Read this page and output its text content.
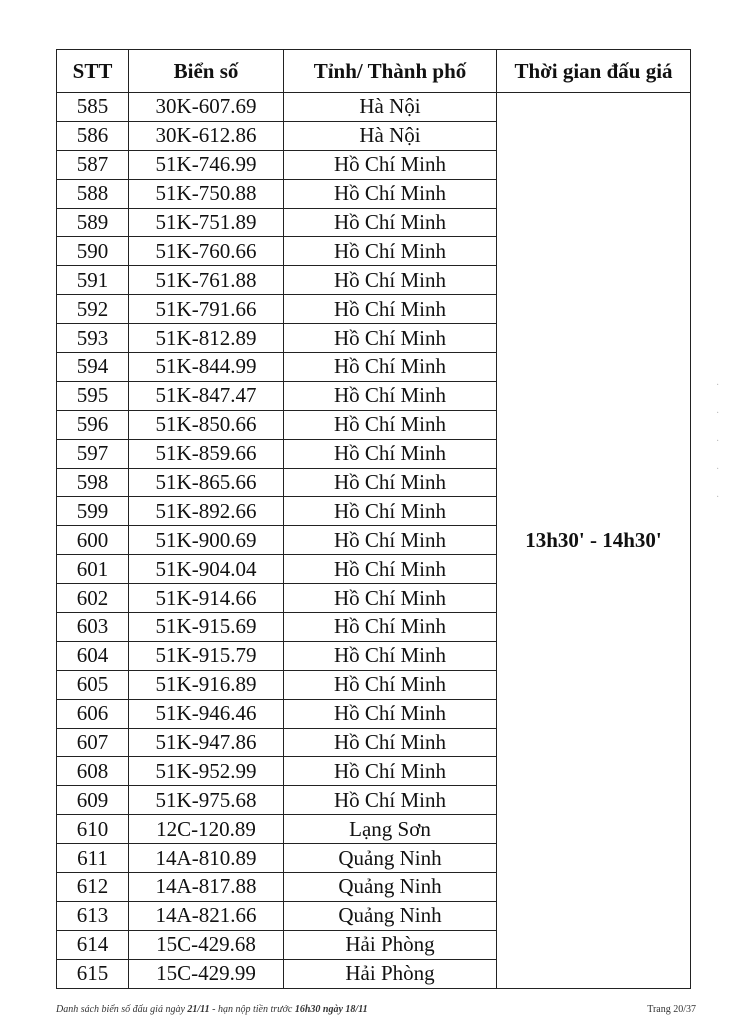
STT	Biển số	Tỉnh/ Thành phố	Thời gian đấu giá
585	30K-607.69	Hà Nội	13h30' - 14h30'
586	30K-612.86	Hà Nội	
587	51K-746.99	Hồ Chí Minh	
588	51K-750.88	Hồ Chí Minh	
589	51K-751.89	Hồ Chí Minh	
590	51K-760.66	Hồ Chí Minh	
591	51K-761.88	Hồ Chí Minh	
592	51K-791.66	Hồ Chí Minh	
593	51K-812.89	Hồ Chí Minh	
594	51K-844.99	Hồ Chí Minh	
595	51K-847.47	Hồ Chí Minh	
596	51K-850.66	Hồ Chí Minh	
597	51K-859.66	Hồ Chí Minh	
598	51K-865.66	Hồ Chí Minh	
599	51K-892.66	Hồ Chí Minh	
600	51K-900.69	Hồ Chí Minh	
601	51K-904.04	Hồ Chí Minh	
602	51K-914.66	Hồ Chí Minh	
603	51K-915.69	Hồ Chí Minh	
604	51K-915.79	Hồ Chí Minh	
605	51K-916.89	Hồ Chí Minh	
606	51K-946.46	Hồ Chí Minh	
607	51K-947.86	Hồ Chí Minh	
608	51K-952.99	Hồ Chí Minh	
609	51K-975.68	Hồ Chí Minh	
610	12C-120.89	Lạng Sơn	
611	14A-810.89	Quảng Ninh	
612	14A-817.88	Quảng Ninh	
613	14A-821.66	Quảng Ninh	
614	15C-429.68	Hải Phòng	
615	15C-429.99	Hải Phòng	
Danh sách biển số đấu giá ngày 21/11 - hạn nộp tiền trước 16h30 ngày 18/11	Trang 20/37
·
·
·
·
·
